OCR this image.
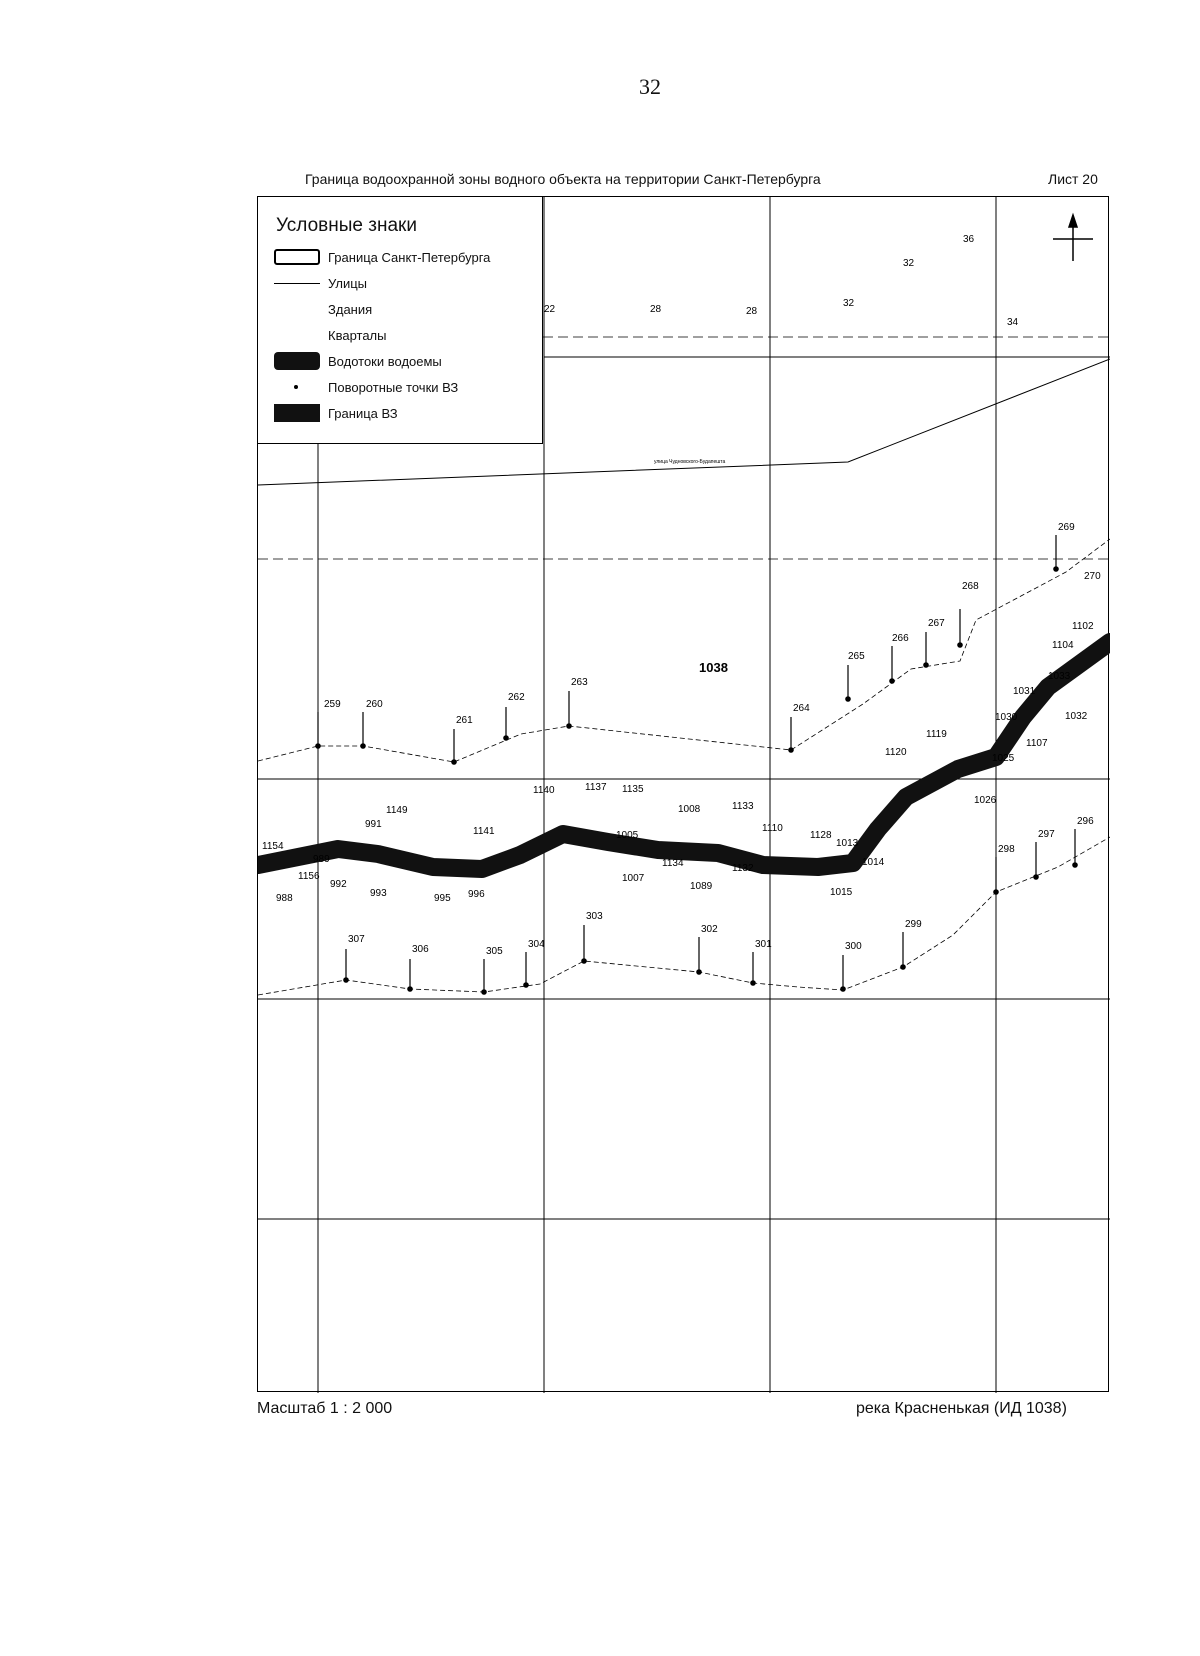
32
Граница водоохранной зоны водного объекта на территории Санкт-Петербурга	Лист 20
36
32
32
34
22	28	28
1038
259	260
261
262
263
264
265
266
267
268
269
270
307
306	305
304
303
302
301	300
299
298
297
296
1154
1156
988
989
991
992
993	995 996
1149
1141
1140	1137 1135
1008	1133
1005
1007
1134
1089
1132
1110
1128
1013
1014
1015
1120
1119
1025
1026
1030
1031
1033
1032
1104
1102
1107
улица Чудновского-Будапешта
Условные знаки
Граница Санкт-Петербурга
Улицы
Здания
Кварталы
Водотоки водоемы
Поворотные точки ВЗ
Граница ВЗ
Масштаб 1 : 2 000	река Красненькая (ИД 1038)
